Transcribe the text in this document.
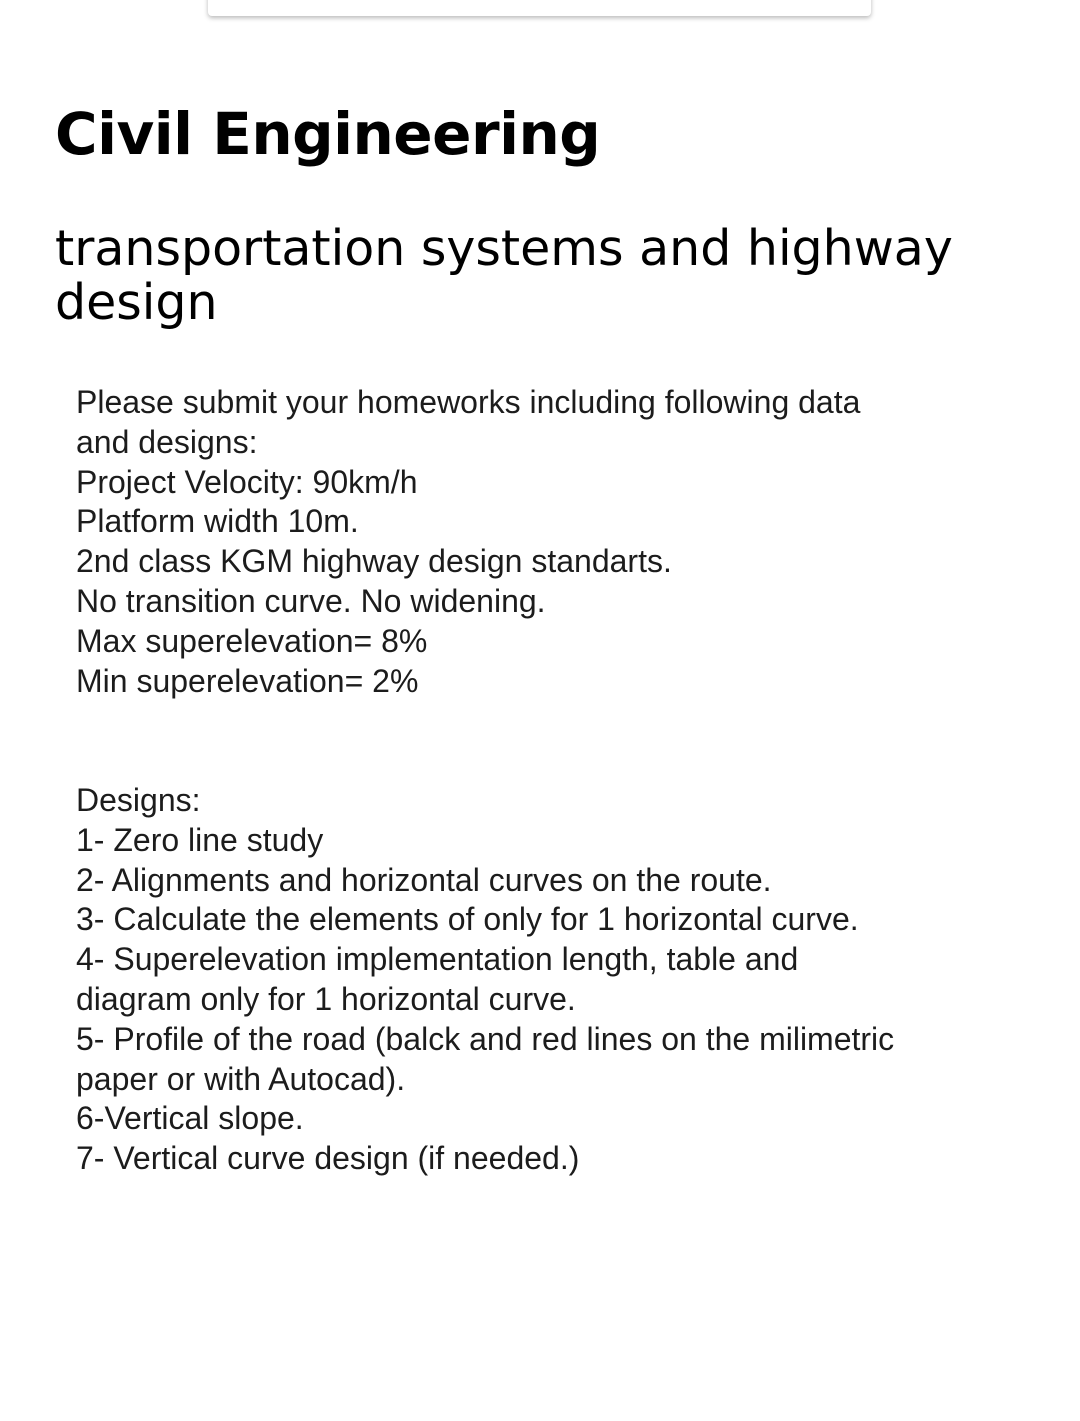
Civil Engineering
transportation systems and highway
design
Please submit your homeworks including following data
and designs:
Project Velocity: 90km/h
Platform width 10m.
2nd class KGM highway design standarts.
No transition curve. No widening.
Max superelevation= 8%
Min superelevation= 2%
Designs:
1- Zero line study
2- Alignments and horizontal curves on the route.
3- Calculate the elements of only for 1 horizontal curve.
4- Superelevation implementation length, table and
diagram only for 1 horizontal curve.
5- Profile of the road (balck and red lines on the milimetric
paper or with Autocad).
6-Vertical slope.
7- Vertical curve design (if needed.)
